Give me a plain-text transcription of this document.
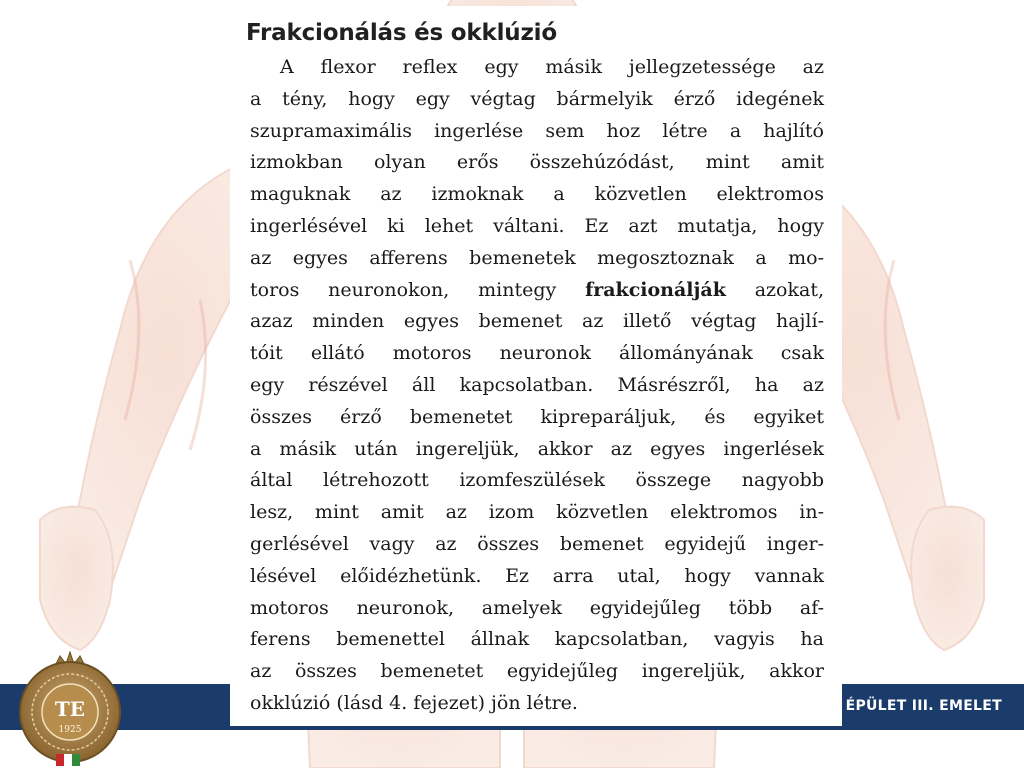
ÉPÜLET III. EMELET
Frakcionálás és okklúzió
A flexor reflex egy másik jellegzetessége az
a tény, hogy egy végtag bármelyik érző idegének
szupramaximális ingerlése sem hoz létre a hajlító
izmokban olyan erős összehúzódást, mint amit
maguknak az izmoknak a közvetlen elektromos
ingerlésével ki lehet váltani. Ez azt mutatja, hogy
az egyes afferens bemenetek megosztoznak a mo-
toros neuronokon, mintegy frakcionálják azokat,
azaz minden egyes bemenet az illető végtag hajlí-
tóit ellátó motoros neuronok állományának csak
egy részével áll kapcsolatban. Másrészről, ha az
összes érző bemenetet kipreparáljuk, és egyiket
a másik után ingereljük, akkor az egyes ingerlések
által létrehozott izomfeszülések összege nagyobb
lesz, mint amit az izom közvetlen elektromos in-
gerlésével vagy az összes bemenet egyidejű inger-
lésével előidézhetünk. Ez arra utal, hogy vannak
motoros neuronok, amelyek egyidejűleg több af-
ferens bemenettel állnak kapcsolatban, vagyis ha
az összes bemenetet egyidejűleg ingereljük, akkor
okklúzió (lásd 4. fejezet) jön létre.
TE
1925
